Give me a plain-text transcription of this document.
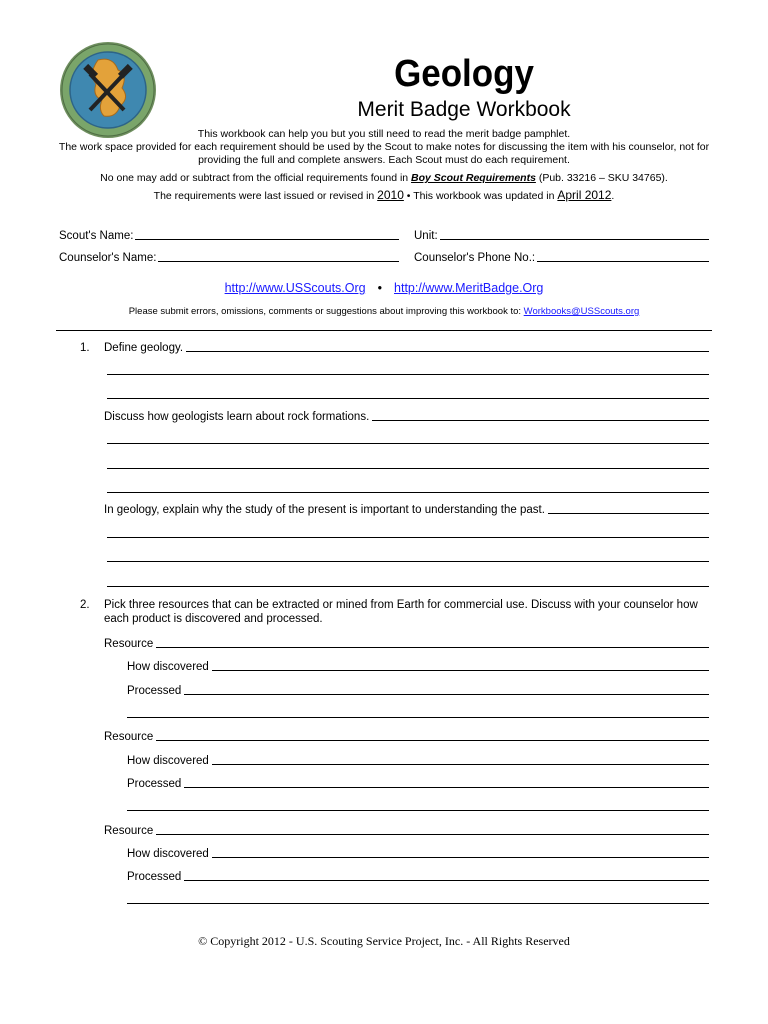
Geology
Merit Badge Workbook

This workbook can help you but you still need to read the merit badge pamphlet.

The work space provided for each requirement should be used by the Scout to make notes for discussing the item with his counselor, not for providing the full and complete answers. Each Scout must do each requirement.

No one may add or subtract from the official requirements found in Boy Scout Requirements (Pub. 33216 – SKU 34765).

The requirements were last issued or revised in 2010 • This workbook was updated in April 2012.

Scout's Name:	Unit:
Counselor's Name:	Counselor's Phone No.:
http://www.USScouts.Org • http://www.MeritBadge.Org
Please submit errors, omissions, comments or suggestions about improving this workbook to: Workbooks@USScouts.org
1. Define geology.
Discuss how geologists learn about rock formations.
In geology, explain why the study of the present is important to understanding the past.
2. Pick three resources that can be extracted or mined from Earth for commercial use. Discuss with your counselor how each product is discovered and processed.
Resource
How discovered
Processed
Resource
How discovered
Processed
Resource
How discovered
Processed
© Copyright 2012 - U.S. Scouting Service Project, Inc. - All Rights Reserved
